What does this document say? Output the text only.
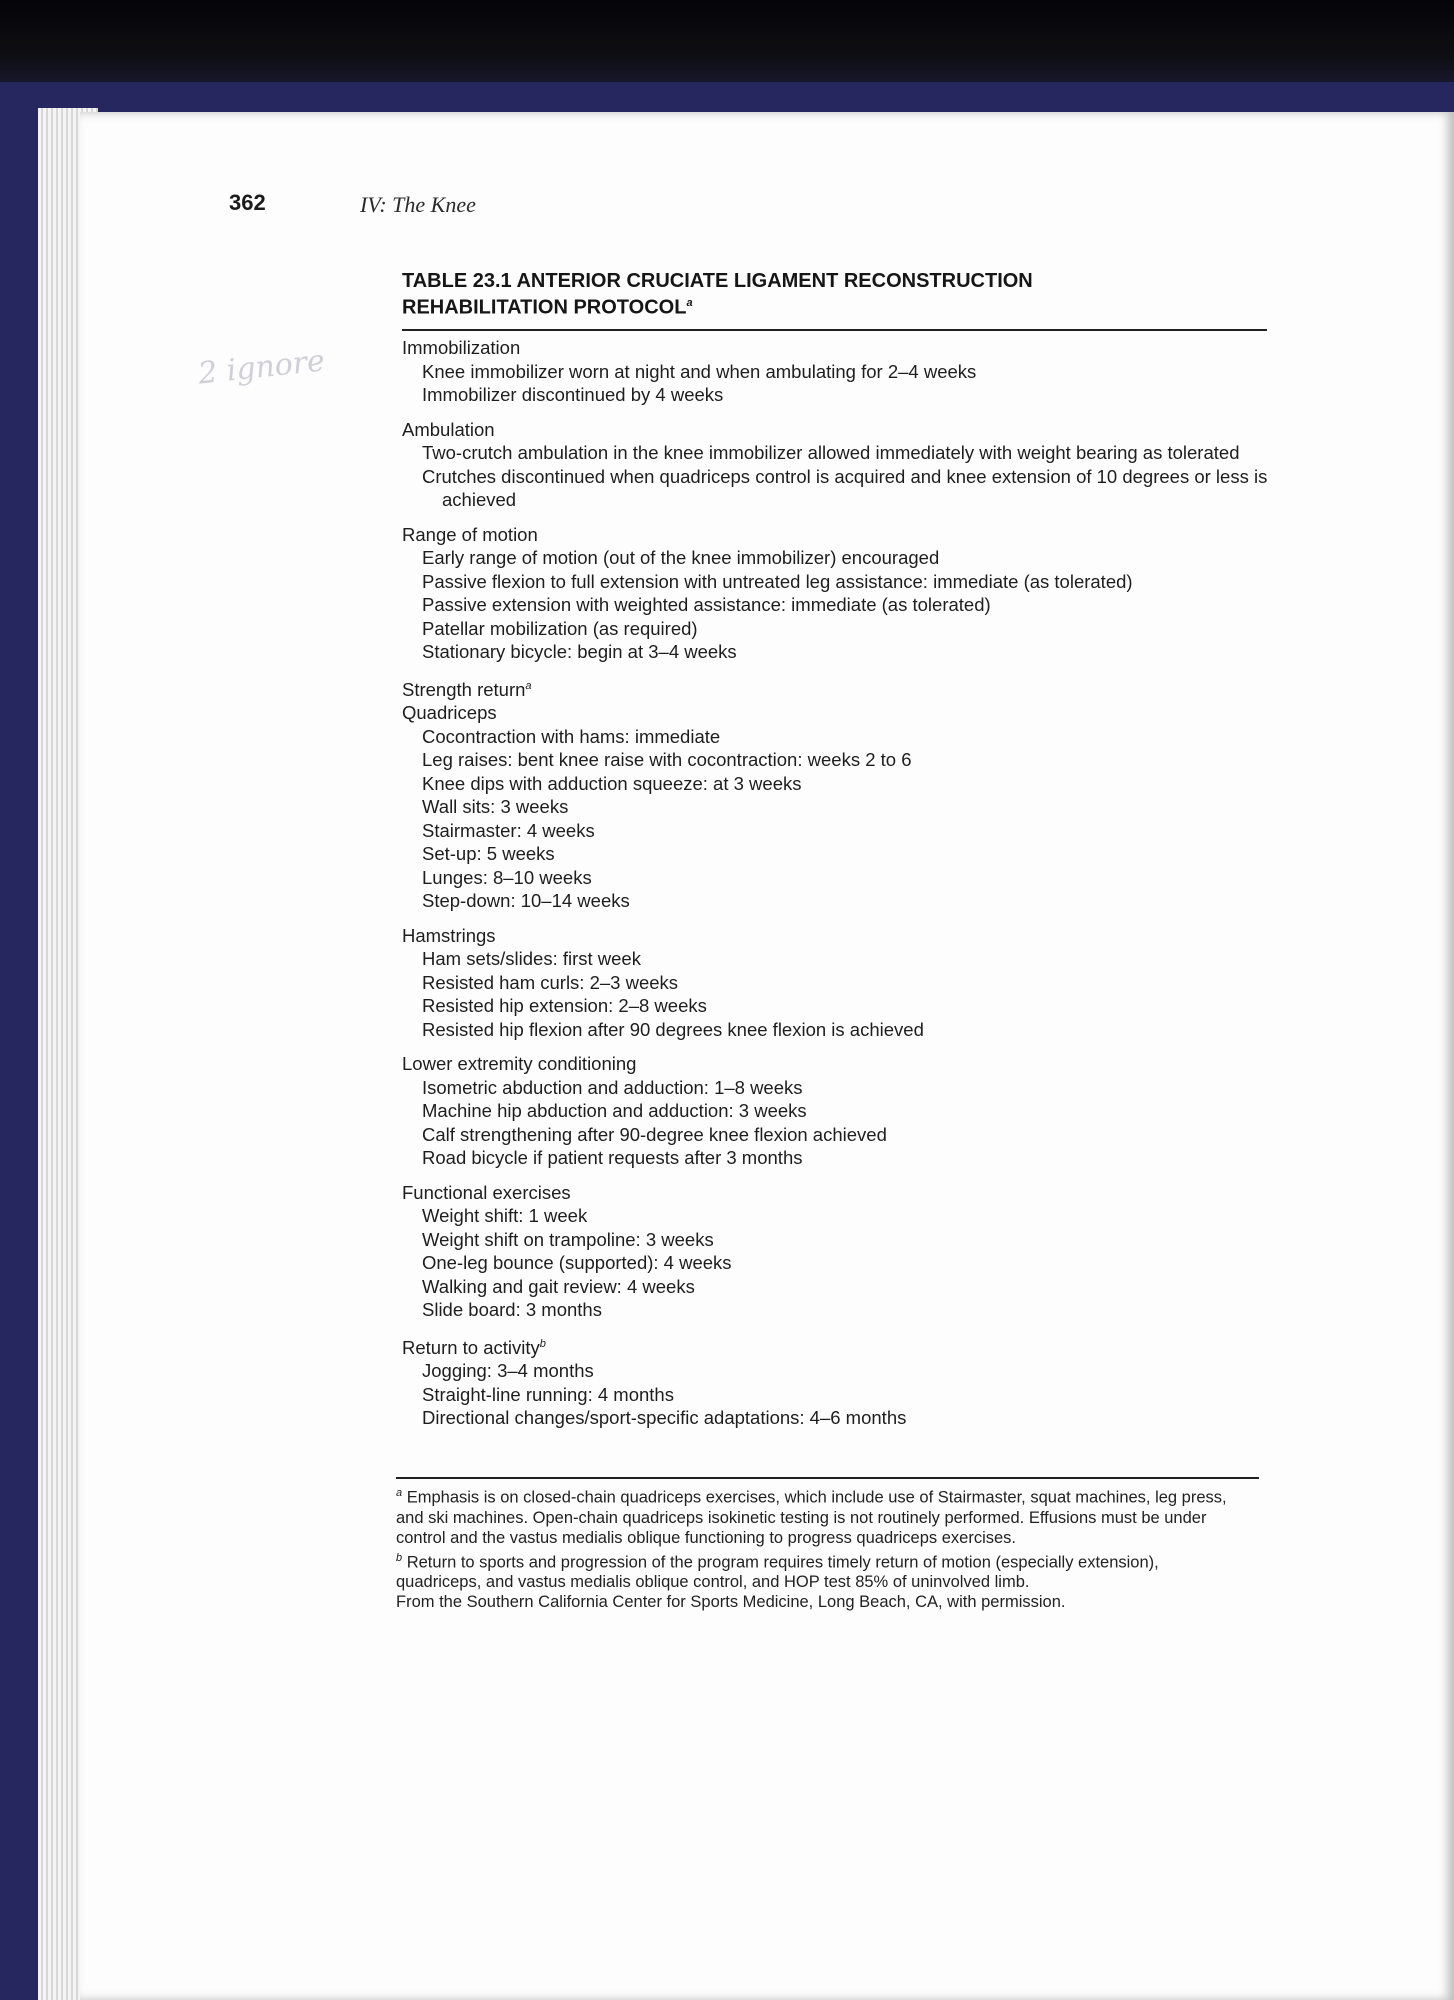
362	IV: The Knee
2 ignore
TABLE 23.1 ANTERIOR CRUCIATE LIGAMENT RECONSTRUCTION
REHABILITATION PROTOCOL$^a$
Immobilization
Knee immobilizer worn at night and when ambulating for 2–4 weeks
Immobilizer discontinued by 4 weeks
Ambulation
Two-crutch ambulation in the knee immobilizer allowed immediately with weight bearing as tolerated
Crutches discontinued when quadriceps control is acquired and knee extension of 10 degrees or less is achieved
Range of motion
Early range of motion (out of the knee immobilizer) encouraged
Passive flexion to full extension with untreated leg assistance: immediate (as tolerated)
Passive extension with weighted assistance: immediate (as tolerated)
Patellar mobilization (as required)
Stationary bicycle: begin at 3–4 weeks
Strength return$^a$
Quadriceps
Cocontraction with hams: immediate
Leg raises: bent knee raise with cocontraction: weeks 2 to 6
Knee dips with adduction squeeze: at 3 weeks
Wall sits: 3 weeks
Stairmaster: 4 weeks
Set-up: 5 weeks
Lunges: 8–10 weeks
Step-down: 10–14 weeks
Hamstrings
Ham sets/slides: first week
Resisted ham curls: 2–3 weeks
Resisted hip extension: 2–8 weeks
Resisted hip flexion after 90 degrees knee flexion is achieved
Lower extremity conditioning
Isometric abduction and adduction: 1–8 weeks
Machine hip abduction and adduction: 3 weeks
Calf strengthening after 90-degree knee flexion achieved
Road bicycle if patient requests after 3 months
Functional exercises
Weight shift: 1 week
Weight shift on trampoline: 3 weeks
One-leg bounce (supported): 4 weeks
Walking and gait review: 4 weeks
Slide board: 3 months
Return to activity$^b$
Jogging: 3–4 months
Straight-line running: 4 months
Directional changes/sport-specific adaptations: 4–6 months
$^a$ Emphasis is on closed-chain quadriceps exercises, which include use of Stairmaster, squat machines, leg press, and ski machines. Open-chain quadriceps isokinetic testing is not routinely performed. Effusions must be under control and the vastus medialis oblique functioning to progress quadriceps exercises.
$^b$ Return to sports and progression of the program requires timely return of motion (especially extension), quadriceps, and vastus medialis oblique control, and HOP test 85% of uninvolved limb.
From the Southern California Center for Sports Medicine, Long Beach, CA, with permission.
